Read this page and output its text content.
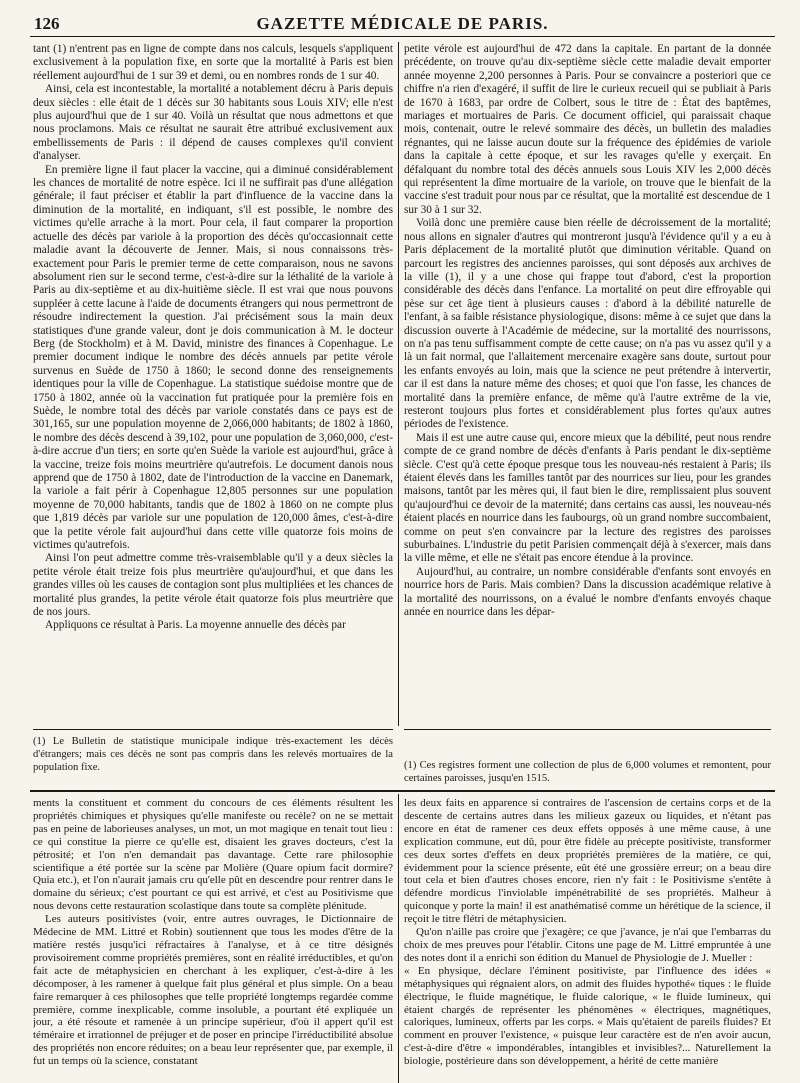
126	GAZETTE MÉDICALE DE PARIS.

tant (1) n'entrent pas en ligne de compte dans nos calculs, lesquels s'appliquent exclusivement à la population fixe, en sorte que la mortalité à Paris est bien réellement aujourd'hui de 1 sur 39 et demi, ou en nombres ronds de 1 sur 40.

Ainsi, cela est incontestable, la mortalité a notablement décru à Paris depuis deux siècles : elle était de 1 décès sur 30 habitants sous Louis XIV; elle n'est plus aujourd'hui que de 1 sur 40. Voilà un résultat que nous admettons et que nous proclamons. Mais ce résultat ne saurait être attribué exclusivement aux embellissements de Paris : il dépend de causes complexes qu'il convient d'analyser.

En première ligne il faut placer la vaccine, qui a diminué considérablement les chances de mortalité de notre espèce. Ici il ne suffirait pas d'une allégation générale; il faut préciser et établir la part d'influence de la vaccine dans la diminution de la mortalité, en indiquant, s'il est possible, le nombre des victimes qu'elle arrache à la mort. Pour cela, il faut comparer la proportion actuelle des décès par variole à la proportion des décès qu'occasionnait cette maladie avant la découverte de Jenner. Mais, si nous connaissons très-exactement pour Paris le premier terme de cette comparaison, nous ne savons absolument rien sur le second terme, c'est-à-dire sur la léthalité de la variole à Paris au dix-septième et au dix-huitième siècle. Il est vrai que nous pouvons suppléer à cette lacune à l'aide de documents étrangers qui nous permettront de résoudre indirectement la question. J'ai précisément sous la main deux statistiques d'une grande valeur, dont je dois communication à M. le docteur Berg (de Stockholm) et à M. David, ministre des finances à Copenhague. Le premier document indique le nombre des décès annuels par petite vérole survenus en Suède de 1750 à 1860; le second donne des renseignements identiques pour la ville de Copenhague. La statistique suédoise montre que de 1750 à 1802, année où la vaccination fut pratiquée pour la première fois en Suède, le nombre total des décès par variole constatés dans ce pays est de 301,165, sur une population moyenne de 2,066,000 habitants; de 1802 à 1860, le nombre des décès descend à 39,102, pour une population de 3,060,000, c'est-à-dire accrue d'un tiers; en sorte qu'en Suède la variole est aujourd'hui, grâce à la vaccine, treize fois moins meurtrière qu'autrefois. Le document danois nous apprend que de 1750 à 1802, date de l'introduction de la vaccine en Danemark, la variole a fait périr à Copenhague 12,805 personnes sur une population moyenne de 70,000 habitants, tandis que de 1802 à 1860 on ne compte plus que 1,819 décès par variole sur une population de 120,000 âmes, c'est-à-dire que la petite vérole fait aujourd'hui dans cette ville quatorze fois moins de victimes qu'autrefois.

Ainsi l'on peut admettre comme très-vraisemblable qu'il y a deux siècles la petite vérole était treize fois plus meurtrière qu'aujourd'hui, et que dans les grandes villes où les causes de contagion sont plus multipliées et les chances de mortalité plus grandes, la petite vérole était quatorze fois plus meurtrière que de nos jours.

Appliquons ce résultat à Paris. La moyenne annuelle des décès par

petite vérole est aujourd'hui de 472 dans la capitale. En partant de la donnée précédente, on trouve qu'au dix-septième siècle cette maladie devait emporter année moyenne 2,200 personnes à Paris. Pour se convaincre a posteriori que ce chiffre n'a rien d'exagéré, il suffit de lire le curieux recueil qui se publiait à Paris de 1670 à 1683, par ordre de Colbert, sous le titre de : État des baptêmes, mariages et mortuaires de Paris. Ce document officiel, qui paraissait chaque mois, contenait, outre le relevé sommaire des décès, un bulletin des maladies régnantes, qui ne laisse aucun doute sur la fréquence des épidémies de variole dans la capitale à cette époque, et sur les ravages qu'elle y exerçait. En défalquant du nombre total des décès annuels sous Louis XIV les 2,000 décès qui représentent la dîme mortuaire de la variole, on trouve que le bienfait de la vaccine s'est traduit pour nous par ce résultat, que la mortalité est descendue de 1 sur 30 à 1 sur 32.

Voilà donc une première cause bien réelle de décroissement de la mortalité; nous allons en signaler d'autres qui montreront jusqu'à l'évidence qu'il y a eu à Paris déplacement de la mortalité plutôt que diminution véritable. Quand on parcourt les registres des anciennes paroisses, qui sont déposés aux archives de la ville (1), il y a une chose qui frappe tout d'abord, c'est la proportion considérable des décès dans l'enfance. La mortalité on peut dire effroyable qui pèse sur cet âge tient à plusieurs causes : d'abord à la débilité naturelle de l'enfant, à sa faible résistance physiologique, disons: même à ce sujet que dans la discussion ouverte à l'Académie de médecine, sur la mortalité des nourrissons, on n'a pas tenu suffisamment compte de cette cause; on n'a pas vu assez qu'il y a là un fait normal, que l'allaitement mercenaire exagère sans doute, surtout pour les enfants envoyés au loin, mais que la science ne peut prétendre à intervertir, car il est dans la nature même des choses; et quoi que l'on fasse, les chances de mortalité dans la première enfance, de même qu'à l'autre extrême de la vie, resteront toujours plus fortes et considérablement plus fortes qu'aux autres périodes de l'existence.

Mais il est une autre cause qui, encore mieux que la débilité, peut nous rendre compte de ce grand nombre de décès d'enfants à Paris pendant le dix-septième siècle. C'est qu'à cette époque presque tous les nouveau-nés restaient à Paris; ils étaient élevés dans les familles tantôt par des nourrices sur lieu, pour les grandes maisons, tantôt par les mères qui, il faut bien le dire, remplissaient plus souvent qu'aujourd'hui ce devoir de la maternité; dans certains cas aussi, les nouveau-nés étaient placés en nourrice dans les faubourgs, où un grand nombre succombaient, comme on peut s'en convaincre par la lecture des registres des paroisses suburbaines. L'industrie du petit Parisien commençait déjà à s'exercer, mais dans la ville même, et elle ne s'était pas encore étendue à la province.

Aujourd'hui, au contraire, un nombre considérable d'enfants sont envoyés en nourrice hors de Paris. Mais combien? Dans la discussion académique relative à la mortalité des nourrissons, on a évalué le nombre d'enfants envoyés chaque année en nourrice dans les dépar-

(1) Le Bulletin de statistique municipale indique très-exactement les décès d'étrangers; mais ces décès ne sont pas compris dans les relevés mortuaires de la population fixe.	(1) Ces registres forment une collection de plus de 6,000 volumes et remontent, pour certaines paroisses, jusqu'en 1515.

ments la constituent et comment du concours de ces éléments résultent les propriétés chimiques et physiques qu'elle manifeste ou recèle? on ne se mettait pas en peine de laborieuses analyses, un mot, un mot magique en tenait tout lieu : ce qui constitue la pierre ce qu'elle est, disaient les graves docteurs, c'est la pétrosité; et l'on n'en demandait pas davantage. Cette rare philosophie scientifique a été portée sur la scène par Molière (Quare opium facit dormire? Quia etc.), et l'on n'aurait jamais cru qu'elle pût en descendre pour rentrer dans le domaine du sérieux; c'est pourtant ce qui est arrivé, et c'est au Positivisme que nous devons cette restauration scolastique dans toute sa complète plénitude.

Les auteurs positivistes (voir, entre autres ouvrages, le Dictionnaire de Médecine de MM. Littré et Robin) soutiennent que tous les modes d'être de la matière restés jusqu'ici réfractaires à l'analyse, et à ce titre désignés provisoirement comme propriétés premières, sont en réalité irréductibles, et qu'on fait acte de métaphysicien en cherchant à les expliquer, c'est-à-dire à les décomposer, à les ramener à quelque fait plus général et plus simple. On a beau faire remarquer à ces philosophes que telle propriété longtemps regardée comme première, comme inexplicable, comme insoluble, a pourtant été expliquée un jour, a été résoute et ramenée à un principe supérieur, d'où il appert qu'il est téméraire et irrationnel de préjuger et de poser en principe l'irréductibilité absolue des propriétés non encore réduites; on a beau leur représenter que, par exemple, il fut un temps où la science, constatant

les deux faits en apparence si contraires de l'ascension de certains corps et de la descente de certains autres dans les milieux gazeux ou liquides, et n'étant pas encore en état de ramener ces deux effets opposés à une même cause, à une explication commune, eut dû, pour être fidèle au précepte positiviste, transformer ces deux sortes d'effets en deux propriétés premières de la matière, ce qui, évidemment pour la science présente, eût été une grossière erreur; on a beau dire tout cela et bien d'autres choses encore, rien n'y fait : le Positivisme s'entête à défendre mordicus l'inviolable impénétrabilité de ses propriétés. Malheur à quiconque y porte la main! il est anathématisé comme un hérétique de la science, il reçoit le titre flétri de métaphysicien.

Qu'on n'aille pas croire que j'exagère; ce que j'avance, je n'ai que l'embarras du choix de mes preuves pour l'établir. Citons une page de M. Littré empruntée à une des notes dont il a enrichi son édition du Manuel de Physiologie de J. Mueller :

« En physique, déclare l'éminent positiviste, par l'influence des idées « métaphysiques qui régnaient alors, on admit des fluides hypothé« tiques : le fluide électrique, le fluide magnétique, le fluide calorique, « le fluide lumineux, qui étaient chargés de représenter les phénomènes « électriques, magnétiques, caloriques, lumineux, offerts par les corps. « Mais qu'étaient de pareils fluides? Et comment en prouver l'existence, « puisque leur caractère est de n'en avoir aucun, c'est-à-dire d'être « impondérables, intangibles et invisibles?... Naturellement la biologie, postérieure dans son développement, a hérité de cette manière
